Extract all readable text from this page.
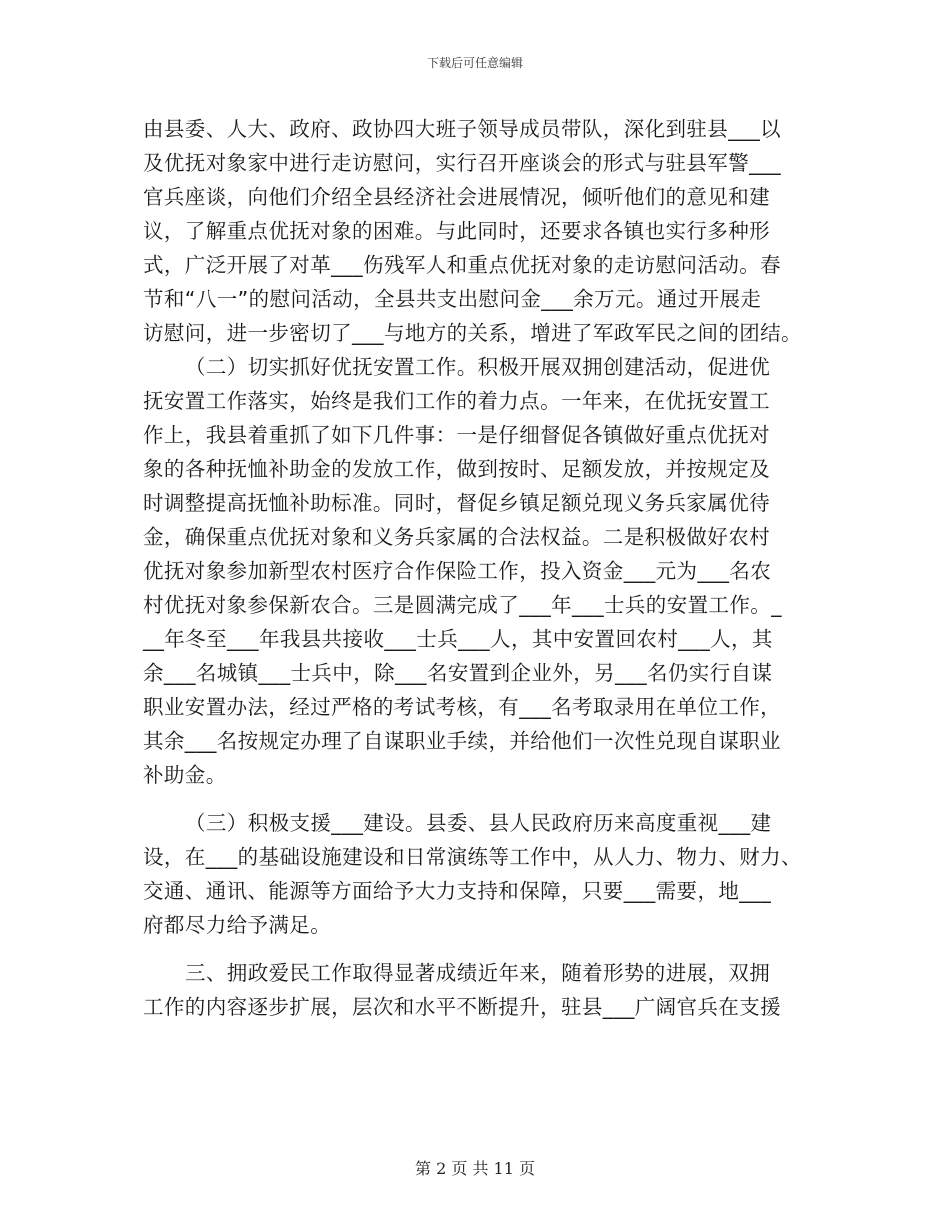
下载后可任意编辑
由县委、人大、政府、政协四大班子领导成员带队，深化到驻县___以
及优抚对象家中进行走访慰问，实行召开座谈会的形式与驻县军警___
官兵座谈，向他们介绍全县经济社会进展情况，倾听他们的意见和建
议，了解重点优抚对象的困难。与此同时，还要求各镇也实行多种形
式，广泛开展了对革___伤残军人和重点优抚对象的走访慰问活动。春
节和“八一”的慰问活动，全县共支出慰问金___余万元。通过开展走
访慰问，进一步密切了___与地方的关系，增进了军政军民之间的团结。
（二）切实抓好优抚安置工作。积极开展双拥创建活动，促进优
抚安置工作落实，始终是我们工作的着力点。一年来，在优抚安置工
作上，我县着重抓了如下几件事：一是仔细督促各镇做好重点优抚对
象的各种抚恤补助金的发放工作，做到按时、足额发放，并按规定及
时调整提高抚恤补助标准。同时，督促乡镇足额兑现义务兵家属优待
金，确保重点优抚对象和义务兵家属的合法权益。二是积极做好农村
优抚对象参加新型农村医疗合作保险工作，投入资金___元为___名农
村优抚对象参保新农合。三是圆满完成了___年___士兵的安置工作。_
__年冬至___年我县共接收___士兵___人，其中安置回农村___人，其
余___名城镇___士兵中，除___名安置到企业外，另___名仍实行自谋
职业安置办法，经过严格的考试考核，有___名考取录用在单位工作，
其余___名按规定办理了自谋职业手续，并给他们一次性兑现自谋职业
补助金。
（三）积极支援___建设。县委、县人民政府历来高度重视___建
设，在___的基础设施建设和日常演练等工作中，从人力、物力、财力、
交通、通讯、能源等方面给予大力支持和保障，只要___需要，地___
府都尽力给予满足。
三、拥政爱民工作取得显著成绩近年来，随着形势的进展，双拥
工作的内容逐步扩展，层次和水平不断提升，驻县___广阔官兵在支援
第 2 页 共 11 页
